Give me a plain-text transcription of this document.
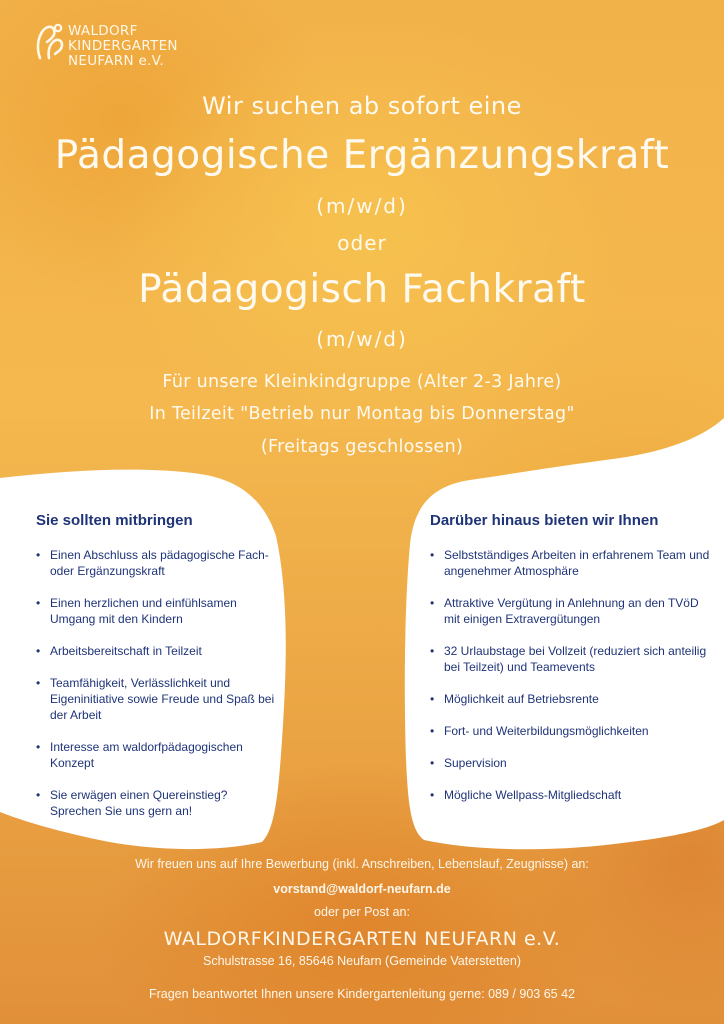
WALDORF
KINDERGARTEN
NEUFARN e.V.
Wir suchen ab sofort eine
Pädagogische Ergänzungskraft
(m/w/d)
oder
Pädagogisch Fachkraft
(m/w/d)
Für unsere Kleinkindgruppe (Alter 2-3 Jahre)
In Teilzeit "Betrieb nur Montag bis Donnerstag"
(Freitags geschlossen)
Sie sollten mitbringen
• Einen Abschluss als pädagogische Fach- oder Ergänzungskraft
• Einen herzlichen und einfühlsamen Umgang mit den Kindern
• Arbeitsbereitschaft in Teilzeit
• Teamfähigkeit, Verlässlichkeit und Eigeninitiative sowie Freude und Spaß bei der Arbeit
• Interesse am waldorfpädagogischen Konzept
• Sie erwägen einen Quereinstieg? Sprechen Sie uns gern an!
Darüber hinaus bieten wir Ihnen
• Selbstständiges Arbeiten in erfahrenem Team und angenehmer Atmosphäre
• Attraktive Vergütung in Anlehnung an den TVöD mit einigen Extravergütungen
• 32 Urlaubstage bei Vollzeit (reduziert sich anteilig bei Teilzeit) und Teamevents
• Möglichkeit auf Betriebsrente
• Fort- und Weiterbildungsmöglichkeiten
• Supervision
• Mögliche Wellpass-Mitgliedschaft
Wir freuen uns auf Ihre Bewerbung (inkl. Anschreiben, Lebenslauf, Zeugnisse) an:
vorstand@waldorf-neufarn.de
oder per Post an:
WALDORFKINDERGARTEN NEUFARN e.V.
Schulstrasse 16, 85646 Neufarn (Gemeinde Vaterstetten)
Fragen beantwortet Ihnen unsere Kindergartenleitung gerne: 089 / 903 65 42
